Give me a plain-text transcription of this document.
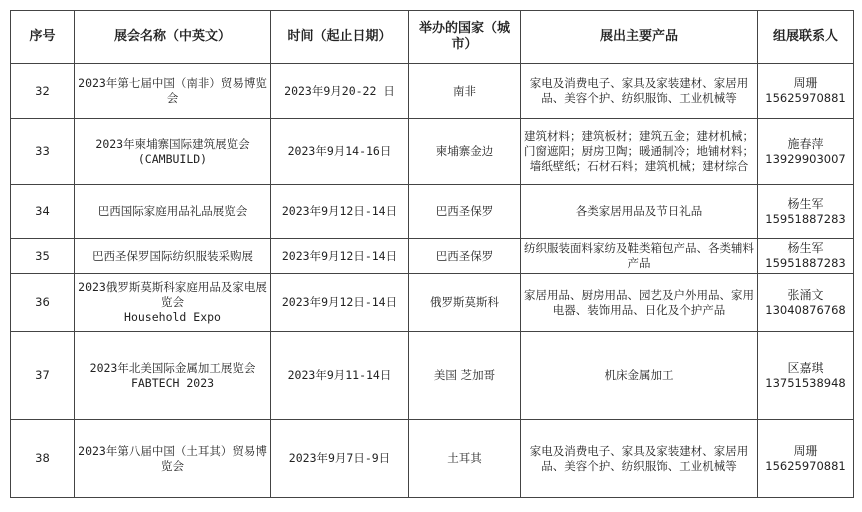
序号	展会名称（中英文）	时间（起止日期）	举办的国家（城市）	展出主要产品	组展联系人

32	2023年第七届中国（南非）贸易博览会	2023年9月20-22 日	南非	家电及消费电子、家具及家装建材、家居用品、美容个护、纺织服饰、工业机械等	周珊
15625970881

33	2023年柬埔寨国际建筑展览会
(CAMBUILD)	2023年9月14-16日	柬埔寨金边	建筑材料；建筑板材；建筑五金；建材机械；门窗遮阳；厨房卫陶；暖通制冷；地铺材料；墙纸壁纸；石材石料；建筑机械；建材综合	施春萍
13929903007

34	巴西国际家庭用品礼品展览会	2023年9月12日-14日	巴西圣保罗	各类家居用品及节日礼品	杨生军
15951887283

35	巴西圣保罗国际纺织服装采购展	2023年9月12日-14日	巴西圣保罗	纺织服装面料家纺及鞋类箱包产品、各类辅料产品	杨生军
15951887283

36	2023俄罗斯莫斯科家庭用品及家电展览会
Household Expo	2023年9月12日-14日	俄罗斯莫斯科	家居用品、厨房用品、园艺及户外用品、家用电器、装饰用品、日化及个护产品	张涌文
13040876768

37	2023年北美国际金属加工展览会
FABTECH 2023	2023年9月11-14日	美国 芝加哥	机床金属加工	区嘉琪
13751538948

38	2023年第八届中国（土耳其）贸易博览会	2023年9月7日-9日	土耳其	家电及消费电子、家具及家装建材、家居用品、美容个护、纺织服饰、工业机械等	周珊
15625970881
